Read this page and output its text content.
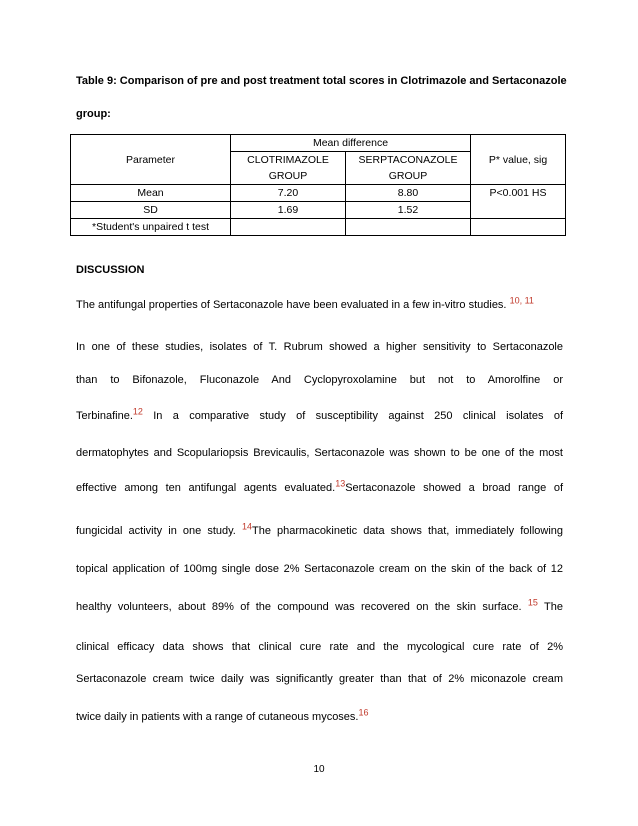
Table 9: Comparison of pre and post treatment total scores in Clotrimazole and Sertaconazole

group:

Parameter	Mean difference		P* value, sig
	CLOTRIMAZOLE GROUP	SERPTACONAZOLE GROUP	

Mean	7.20	8.80	P<0.001 HS
SD	1.69	1.52	
*Student's unpaired t test			

DISCUSSION

The antifungal properties of Sertaconazole have been evaluated in a few in-vitro studies. $^{10, 11}$

In one of these studies, isolates of T. Rubrum showed a higher sensitivity to Sertaconazole

than to Bifonazole, Fluconazole And Cyclopyroxolamine but not to Amorolfine or

Terbinafine.$^{12}$ In a comparative study of susceptibility against 250 clinical isolates of

dermatophytes and Scopulariopsis Brevicaulis, Sertaconazole was shown to be one of the most

effective among ten antifungal agents evaluated.$^{13}$Sertaconazole showed a broad range of

fungicidal activity in one study. $^{14}$The pharmacokinetic data shows that, immediately following

topical application of 100mg single dose 2% Sertaconazole cream on the skin of the back of 12

healthy volunteers, about 89% of the compound was recovered on the skin surface. $^{15}$ The

clinical efficacy data shows that clinical cure rate and the mycological cure rate of 2%

Sertaconazole cream twice daily was significantly greater than that of 2% miconazole cream

twice daily in patients with a range of cutaneous mycoses.$^{16}$

10
